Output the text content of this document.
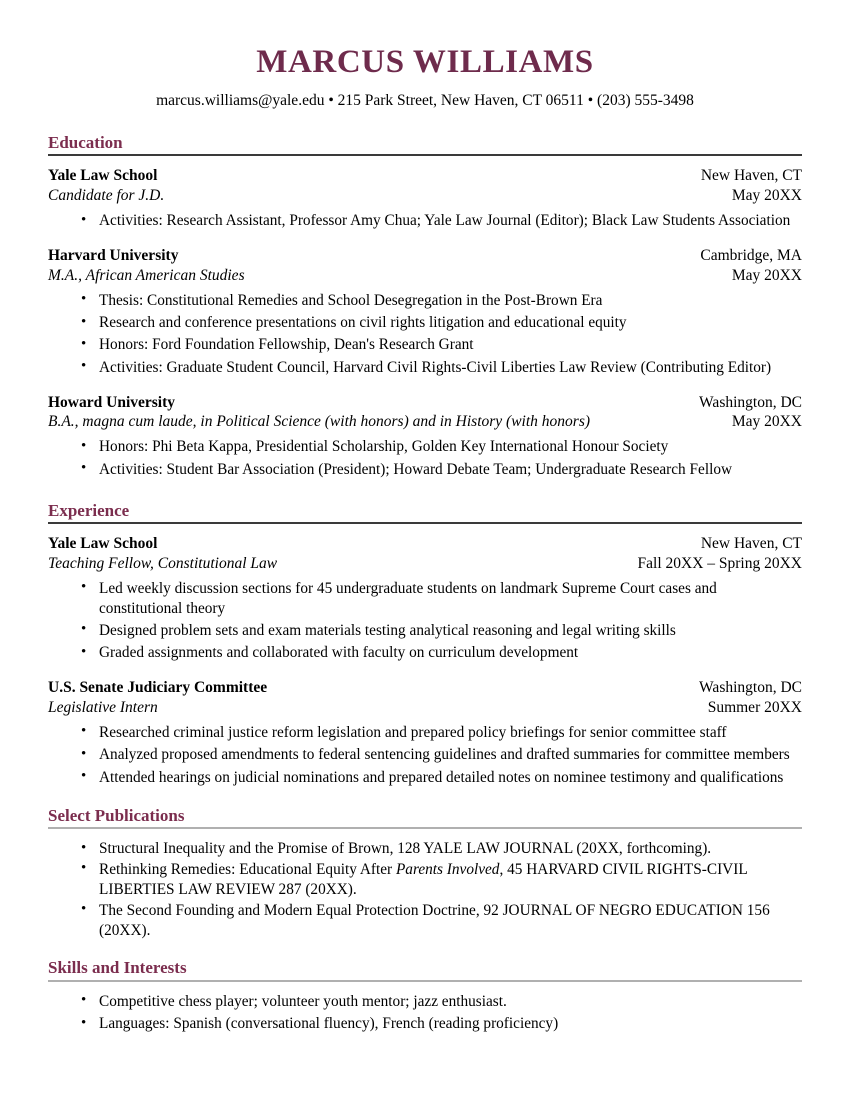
MARCUS WILLIAMS
marcus.williams@yale.edu • 215 Park Street, New Haven, CT 06511 • (203) 555-3498
Education
Yale Law School	New Haven, CT
Candidate for J.D.	May 20XX
• Activities: Research Assistant, Professor Amy Chua; Yale Law Journal (Editor); Black Law Students Association
Harvard University	Cambridge, MA
M.A., African American Studies	May 20XX
• Thesis: Constitutional Remedies and School Desegregation in the Post-Brown Era
• Research and conference presentations on civil rights litigation and educational equity
• Honors: Ford Foundation Fellowship, Dean's Research Grant
• Activities: Graduate Student Council, Harvard Civil Rights-Civil Liberties Law Review (Contributing Editor)
Howard University	Washington, DC
B.A., magna cum laude, in Political Science (with honors) and in History (with honors)	May 20XX
• Honors: Phi Beta Kappa, Presidential Scholarship, Golden Key International Honour Society
• Activities: Student Bar Association (President); Howard Debate Team; Undergraduate Research Fellow
Experience
Yale Law School	New Haven, CT
Teaching Fellow, Constitutional Law	Fall 20XX – Spring 20XX
• Led weekly discussion sections for 45 undergraduate students on landmark Supreme Court cases and constitutional theory
• Designed problem sets and exam materials testing analytical reasoning and legal writing skills
• Graded assignments and collaborated with faculty on curriculum development
U.S. Senate Judiciary Committee	Washington, DC
Legislative Intern	Summer 20XX
• Researched criminal justice reform legislation and prepared policy briefings for senior committee staff
• Analyzed proposed amendments to federal sentencing guidelines and drafted summaries for committee members
• Attended hearings on judicial nominations and prepared detailed notes on nominee testimony and qualifications
Select Publications
• Structural Inequality and the Promise of Brown, 128 YALE LAW JOURNAL (20XX, forthcoming).
• Rethinking Remedies: Educational Equity After Parents Involved, 45 HARVARD CIVIL RIGHTS-CIVIL LIBERTIES LAW REVIEW 287 (20XX).
• The Second Founding and Modern Equal Protection Doctrine, 92 JOURNAL OF NEGRO EDUCATION 156 (20XX).
Skills and Interests
• Competitive chess player; volunteer youth mentor; jazz enthusiast.
• Languages: Spanish (conversational fluency), French (reading proficiency)
